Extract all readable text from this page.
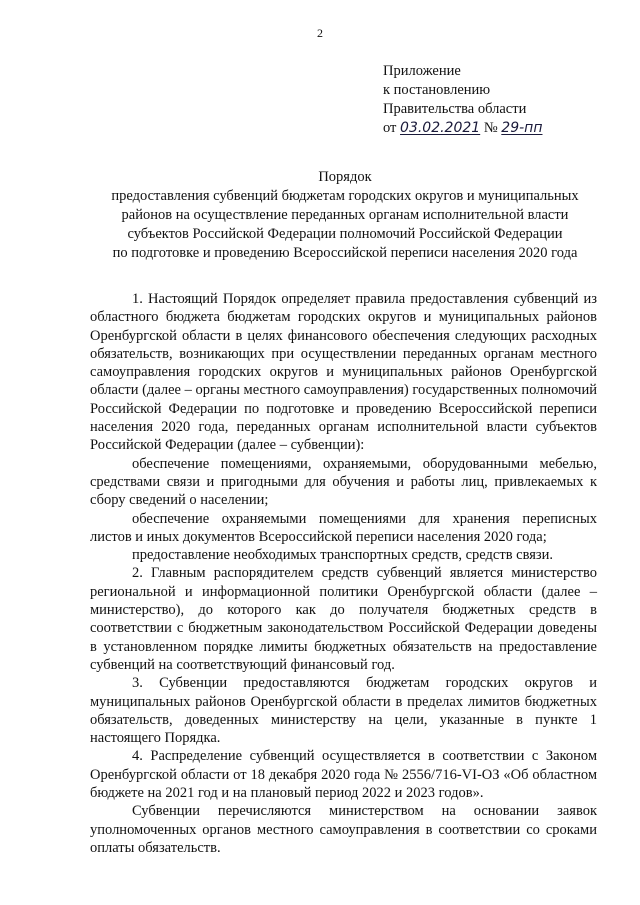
2
Приложение
к постановлению
Правительства области
от 03.02.2021 № 29-пп
Порядок
предоставления субвенций бюджетам городских округов и муниципальных
районов на осуществление переданных органам исполнительной власти
субъектов Российской Федерации полномочий Российской Федерации
по подготовке и проведению Всероссийской переписи населения 2020 года

1. Настоящий Порядок определяет правила предоставления субвенций из областного бюджета бюджетам городских округов и муниципальных районов Оренбургской области в целях финансового обеспечения следующих расходных обязательств, возникающих при осуществлении переданных органам местного самоуправления городских округов и муниципальных районов Оренбургской области (далее – органы местного самоуправления) государственных полномочий Российской Федерации по подготовке и проведению Всероссийской переписи населения 2020 года, переданных органам исполнительной власти субъектов Российской Федерации (далее – субвенции):

обеспечение помещениями, охраняемыми, оборудованными мебелью, средствами связи и пригодными для обучения и работы лиц, привлекаемых к сбору сведений о населении;

обеспечение охраняемыми помещениями для хранения переписных листов и иных документов Всероссийской переписи населения 2020 года;

предоставление необходимых транспортных средств, средств связи.

2. Главным распорядителем средств субвенций является министерство региональной и информационной политики Оренбургской области (далее – министерство), до которого как до получателя бюджетных средств в соответствии с бюджетным законодательством Российской Федерации доведены в установленном порядке лимиты бюджетных обязательств на предоставление субвенций на соответствующий финансовый год.

3. Субвенции предоставляются бюджетам городских округов и муниципальных районов Оренбургской области в пределах лимитов бюджетных обязательств, доведенных министерству на цели, указанные в пункте 1 настоящего Порядка.

4. Распределение субвенций осуществляется в соответствии с Законом Оренбургской области от 18 декабря 2020 года № 2556/716-VI-ОЗ «Об областном бюджете на 2021 год и на плановый период 2022 и 2023 годов».

Субвенции перечисляются министерством на основании заявок уполномоченных органов местного самоуправления в соответствии со сроками оплаты обязательств.
